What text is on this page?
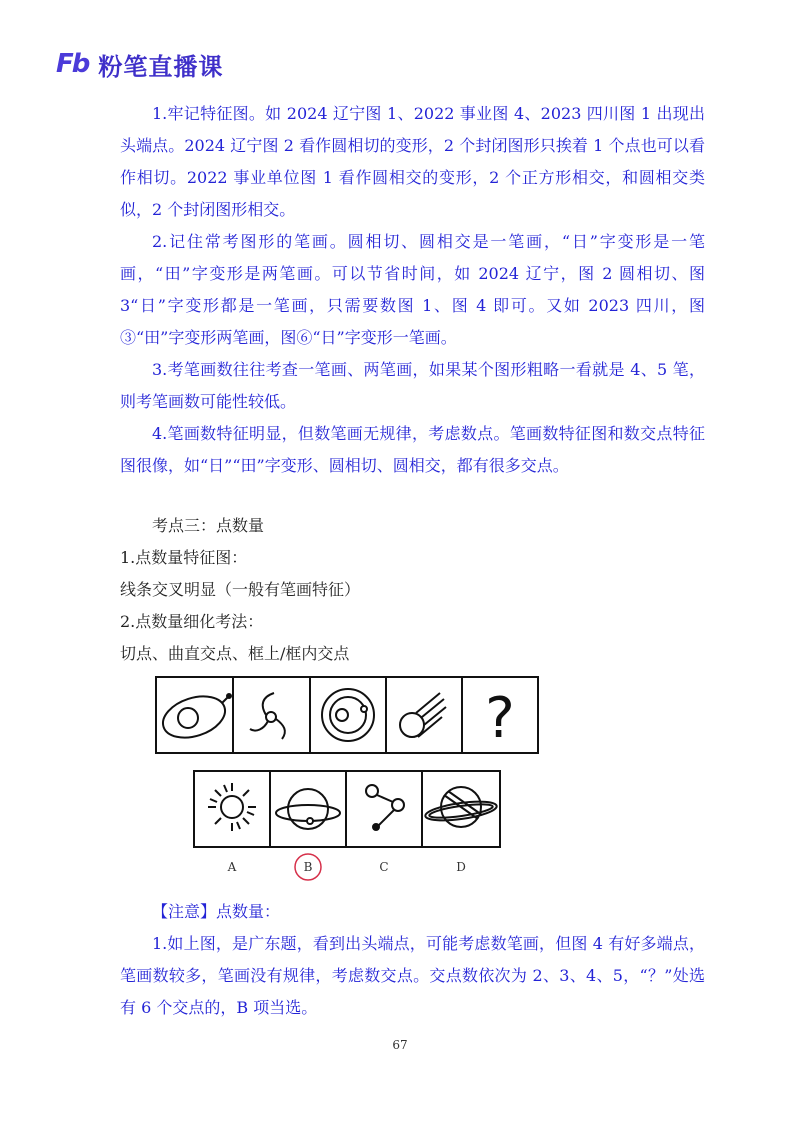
Fb 粉笔直播课

1.牢记特征图。如 2024 辽宁图 1、2022 事业图 4、2023 四川图 1 出现出头端点。2024 辽宁图 2 看作圆相切的变形，2 个封闭图形只挨着 1 个点也可以看作相切。2022 事业单位图 1 看作圆相交的变形，2 个正方形相交，和圆相交类似，2 个封闭图形相交。

2.记住常考图形的笔画。圆相切、圆相交是一笔画，“日”字变形是一笔画，“田”字变形是两笔画。可以节省时间，如 2024 辽宁，图 2 圆相切、图 3“日”字变形都是一笔画，只需要数图 1、图 4 即可。又如 2023 四川，图③“田”字变形两笔画，图⑥“日”字变形一笔画。

3.考笔画数往往考查一笔画、两笔画，如果某个图形粗略一看就是 4、5 笔，则考笔画数可能性较低。

4.笔画数特征明显，但数笔画无规律，考虑数点。笔画数特征图和数交点特征图很像，如“日”“田”字变形、圆相切、圆相交，都有很多交点。

考点三：点数量

1.点数量特征图：

线条交叉明显（一般有笔画特征）

2.点数量细化考法：

切点、曲直交点、框上/框内交点

?
A	B	C	D

【注意】点数量：

1.如上图，是广东题，看到出头端点，可能考虑数笔画，但图 4 有好多端点，笔画数较多，笔画没有规律，考虑数交点。交点数依次为 2、3、4、5，“？”处选有 6 个交点的，B 项当选。

67
